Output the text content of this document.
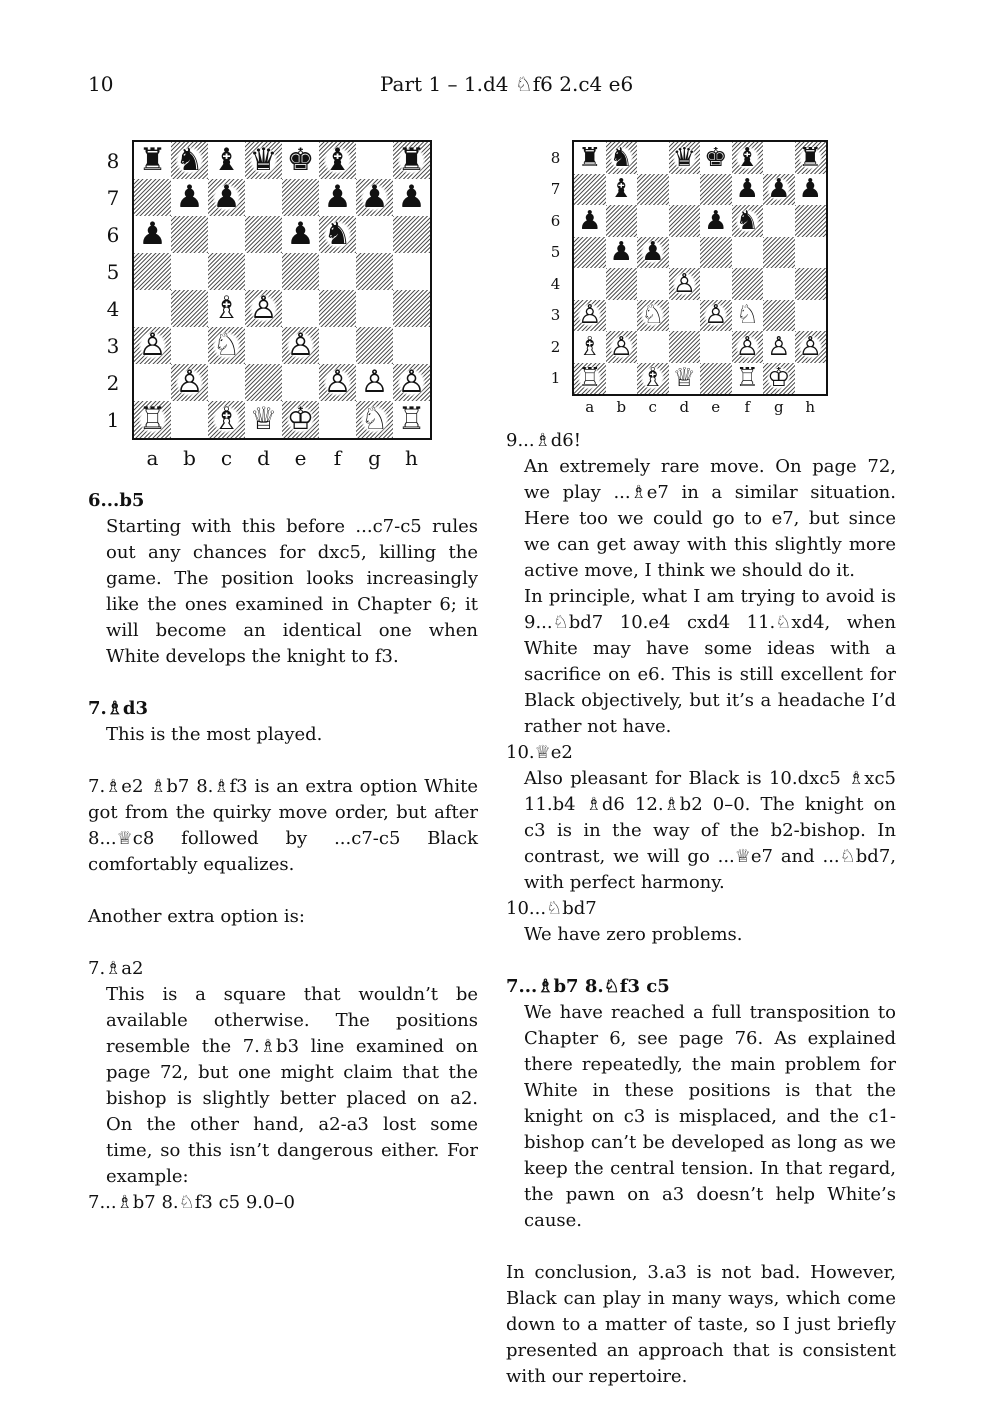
10	Part 1 – 1.d4 ♘f6 2.c4 e6
♜ ♞ ♝ ♛ ♚ ♝ ♜
♟ ♟	♟ ♟ ♟
♟	♟ ♞
♗ ♙
♙ ♘ ♙
♙	♙ ♙ ♙
♖ ♗ ♕ ♔ ♘ ♖
8
7
6
5
4
3
2
1
a	b	c	d	e	f	g	h
♜ ♞ ♛ ♚ ♝ ♜
♝	♟ ♟ ♟
♟	♟ ♞
♟ ♟
♙
♙ ♘ ♙ ♘
♗ ♙	♙ ♙ ♙
♖ ♗ ♕ ♖ ♔
8
7
6
5
4
3
2
1
a	b	c	d	e	f	g	h

6...b5

Starting with this before ...c7-c5 rules out any chances for dxc5, killing the game. The position looks increasingly like the ones examined in Chapter 6; it will become an identical one when White develops the knight to f3.

7.♗d3

This is the most played.

7.♗e2 ♗b7 8.♗f3 is an extra option White got from the quirky move order, but after 8...♕c8 followed by ...c7-c5 Black comfortably equalizes.

Another extra option is:

7.♗a2

This is a square that wouldn’t be available otherwise. The positions resemble the 7.♗b3 line examined on page 72, but one might claim that the bishop is slightly better placed on a2. On the other hand, a2-a3 lost some time, so this isn’t dangerous either. For example:

7...♗b7 8.♘f3 c5 9.0–0

9...♗d6!

An extremely rare move. On page 72, we play ...♗e7 in a similar situation. Here too we could go to e7, but since we can get away with this slightly more active move, I think we should do it.

In principle, what I am trying to avoid is 9...♘bd7 10.e4 cxd4 11.♘xd4, when White may have some ideas with a sacrifice on e6. This is still excellent for Black objectively, but it’s a headache I’d rather not have.

10.♕e2

Also pleasant for Black is 10.dxc5 ♗xc5 11.b4 ♗d6 12.♗b2 0–0. The knight on c3 is in the way of the b2-bishop. In contrast, we will go ...♕e7 and ...♘bd7, with perfect harmony.

10...♘bd7

We have zero problems.

7...♗b7 8.♘f3 c5

We have reached a full transposition to Chapter 6, see page 76. As explained there repeatedly, the main problem for White in these positions is that the knight on c3 is misplaced, and the c1-bishop can’t be developed as long as we keep the central tension. In that regard, the pawn on a3 doesn’t help White’s cause.

In conclusion, 3.a3 is not bad. However, Black can play in many ways, which come down to a matter of taste, so I just briefly presented an approach that is consistent with our repertoire.
